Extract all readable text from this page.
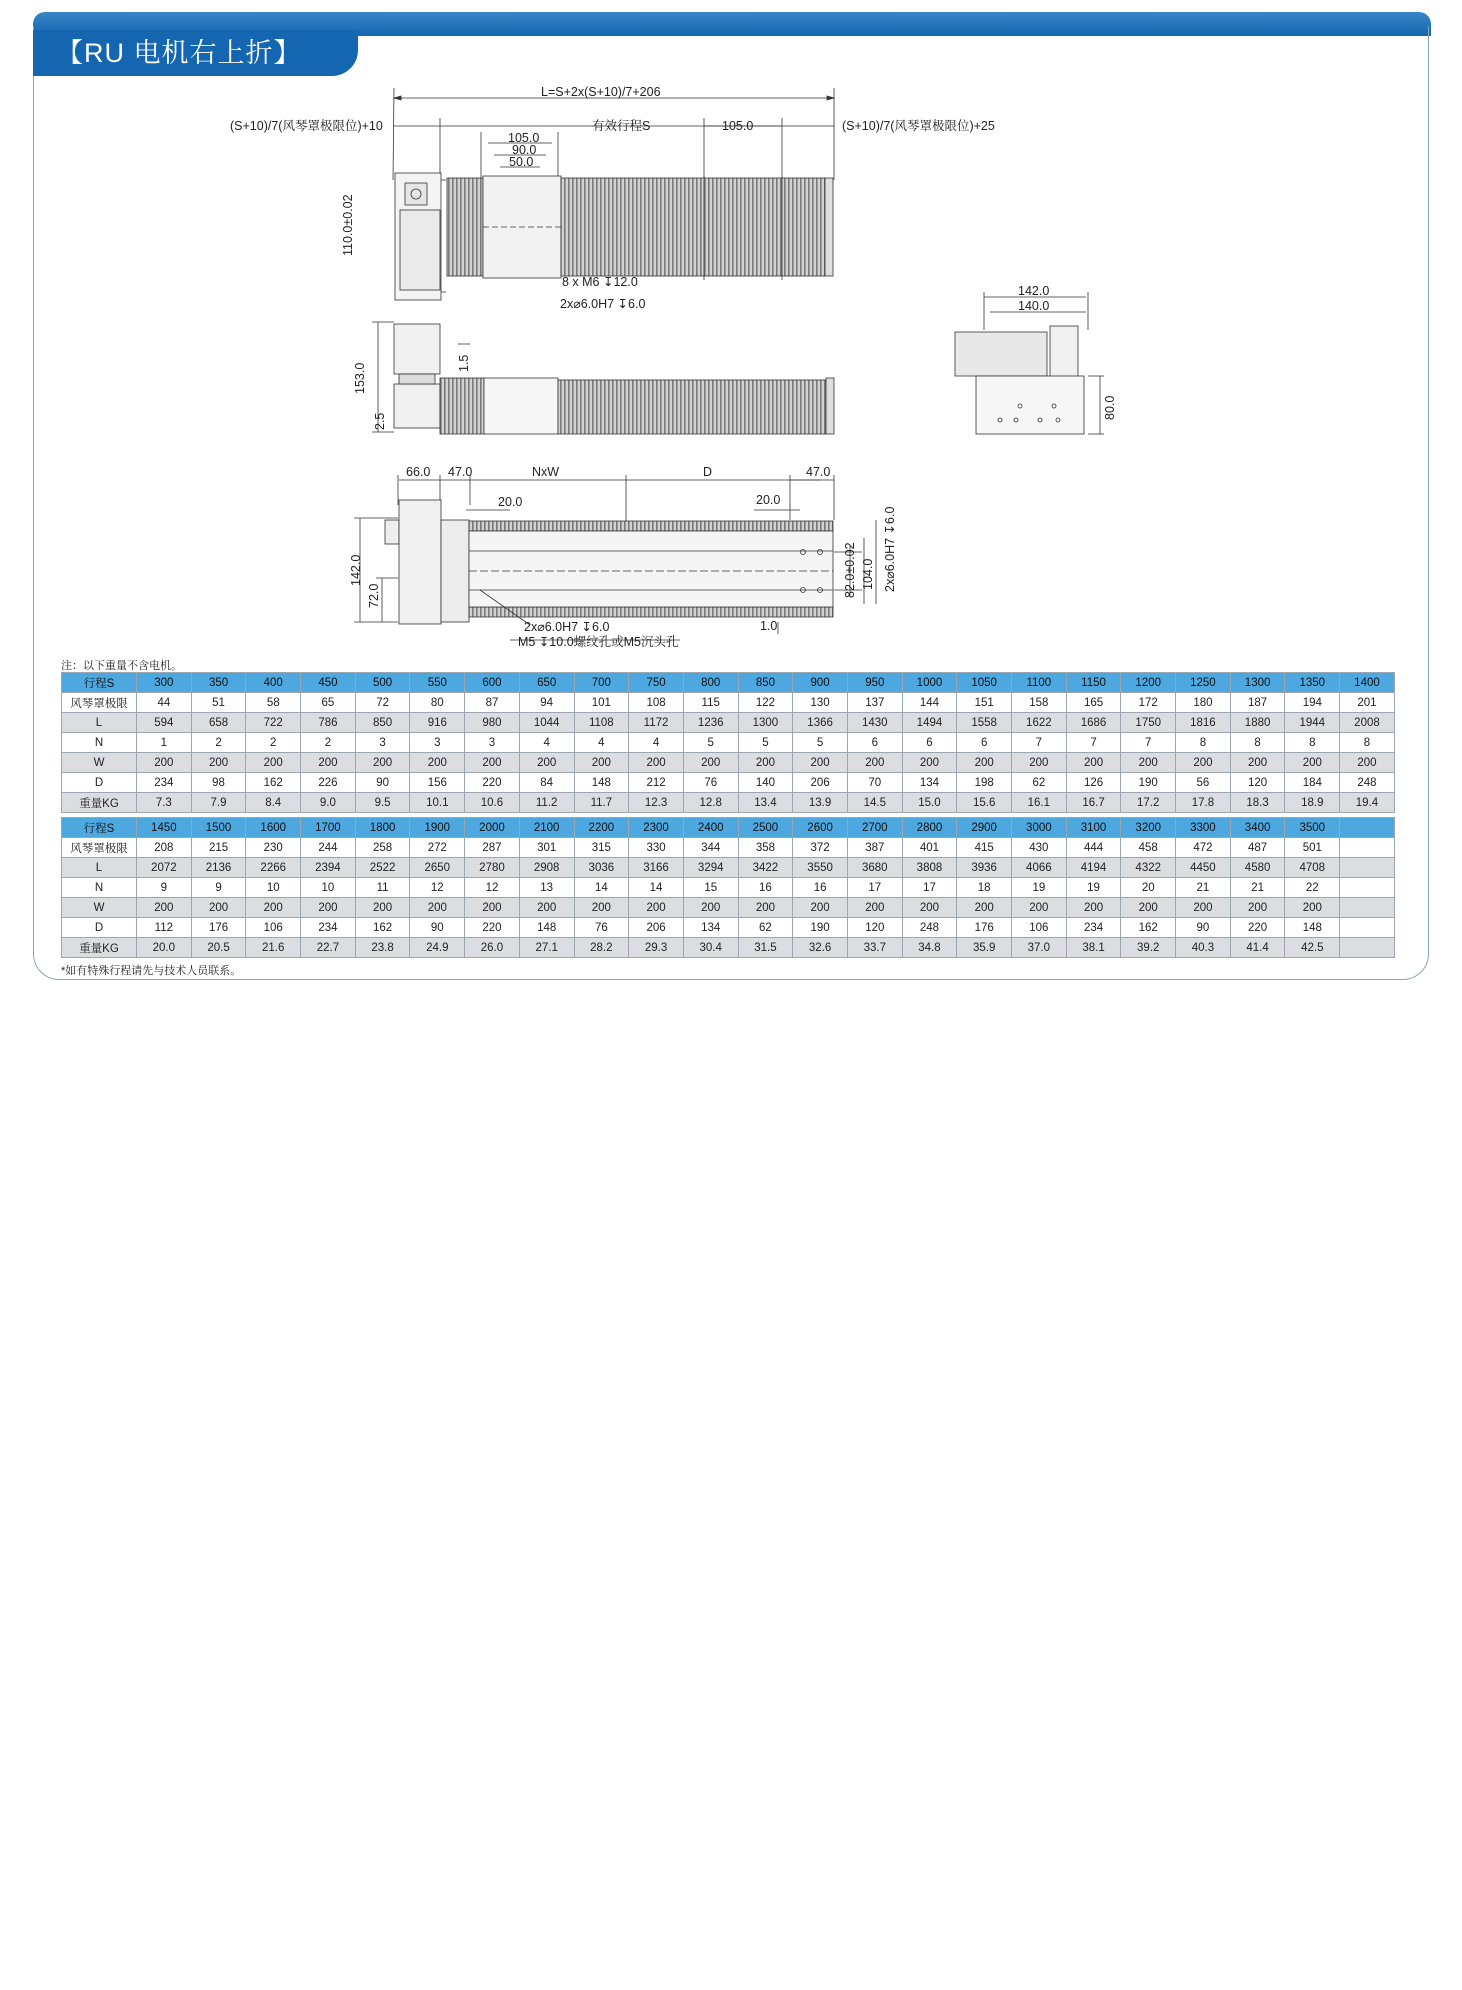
【RU 电机右上折】
L=S+2x(S+10)/7+206
(S+10)/7(风琴罩极限位)+10	(S+10)/7(风琴罩极限位)+25
有效行程S
105.0
90.0
50.0
105.0
8 x M6 ↧12.0
2x⌀6.0H7 ↧6.0
110.0±0.02
153.0	1.5
2.5
142.0
140.0
80.0
66.0 47.0	NxW	D	47.0
20.0	20.0
142.0
72.0	82.0±0.02 104.0 2x⌀6.0H7 ↧6.0
2x⌀6.0H7 ↧6.0
M5 ↧10.0螺纹孔或M5沉头孔
1.0
注：以下重量不含电机。
行程S	300	350	400	450	500	550	600	650	700	750	800	850	900	950	1000	1050	1100	1150	1200	1250	1300	1350	1400
风琴罩极限	44	51	58	65	72	80	87	94	101	108	115	122	130	137	144	151	158	165	172	180	187	194	201
L	594	658	722	786	850	916	980	1044	1108	1172	1236	1300	1366	1430	1494	1558	1622	1686	1750	1816	1880	1944	2008
N	1	2	2	2	3	3	3	4	4	4	5	5	5	6	6	6	7	7	7	8	8	8	8
W	200	200	200	200	200	200	200	200	200	200	200	200	200	200	200	200	200	200	200	200	200	200	200
D	234	98	162	226	90	156	220	84	148	212	76	140	206	70	134	198	62	126	190	56	120	184	248
重量KG	7.3	7.9	8.4	9.0	9.5	10.1	10.6	11.2	11.7	12.3	12.8	13.4	13.9	14.5	15.0	15.6	16.1	16.7	17.2	17.8	18.3	18.9	19.4
行程S	1450	1500	1600	1700	1800	1900	2000	2100	2200	2300	2400	2500	2600	2700	2800	2900	3000	3100	3200	3300	3400	3500	
风琴罩极限	208	215	230	244	258	272	287	301	315	330	344	358	372	387	401	415	430	444	458	472	487	501	
L	2072	2136	2266	2394	2522	2650	2780	2908	3036	3166	3294	3422	3550	3680	3808	3936	4066	4194	4322	4450	4580	4708	
N	9	9	10	10	11	12	12	13	14	14	15	16	16	17	17	18	19	19	20	21	21	22	
W	200	200	200	200	200	200	200	200	200	200	200	200	200	200	200	200	200	200	200	200	200	200	
D	112	176	106	234	162	90	220	148	76	206	134	62	190	120	248	176	106	234	162	90	220	148	
重量KG	20.0	20.5	21.6	22.7	23.8	24.9	26.0	27.1	28.2	29.3	30.4	31.5	32.6	33.7	34.8	35.9	37.0	38.1	39.2	40.3	41.4	42.5	
*如有特殊行程请先与技术人员联系。
